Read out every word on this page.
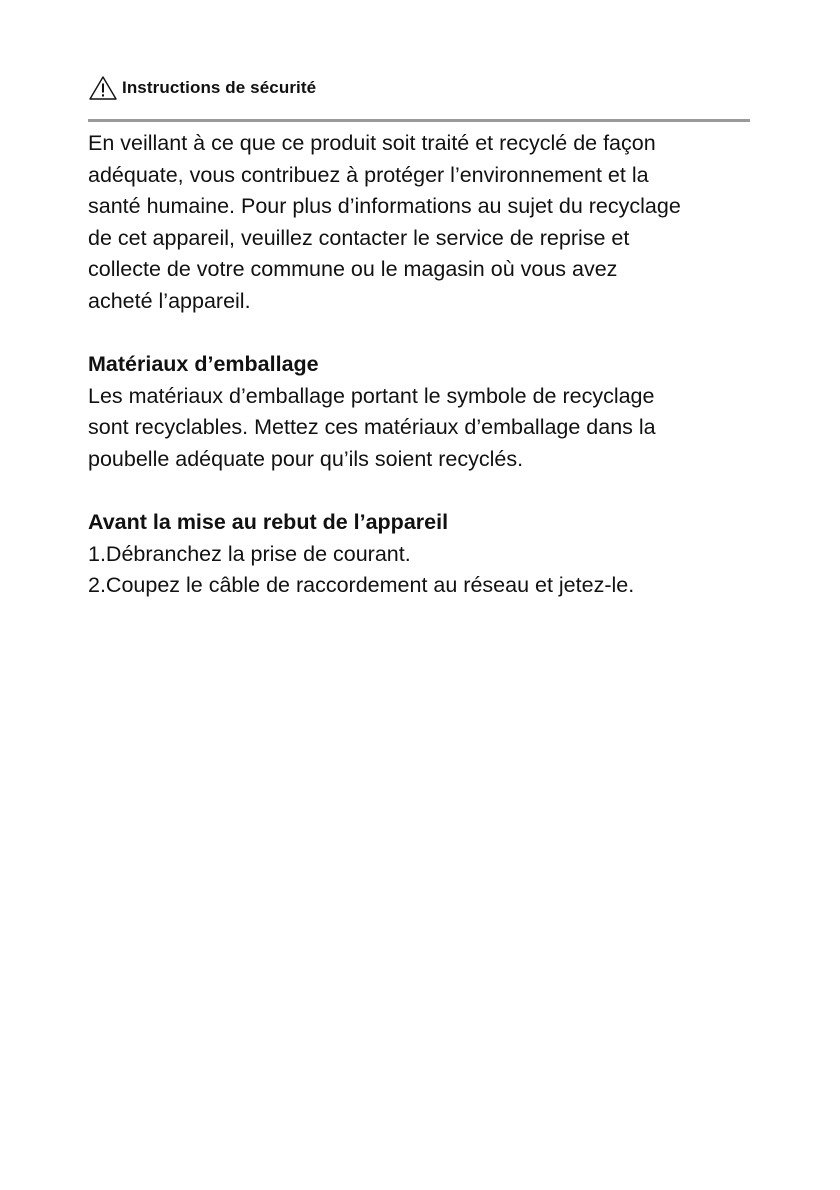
Instructions de sécurité

En veillant à ce que ce produit soit traité et recyclé de façon

adéquate, vous contribuez à protéger l’environnement et la

santé humaine. Pour plus d’informations au sujet du recyclage

de cet appareil, veuillez contacter le service de reprise et

collecte de votre commune ou le magasin où vous avez

acheté l’appareil.

Matériaux d’emballage

Les matériaux d’emballage portant le symbole de recyclage

sont recyclables. Mettez ces matériaux d’emballage dans la

poubelle adéquate pour qu’ils soient recyclés.

Avant la mise au rebut de l’appareil

1.Débranchez la prise de courant.

2.Coupez le câble de raccordement au réseau et jetez-le.
